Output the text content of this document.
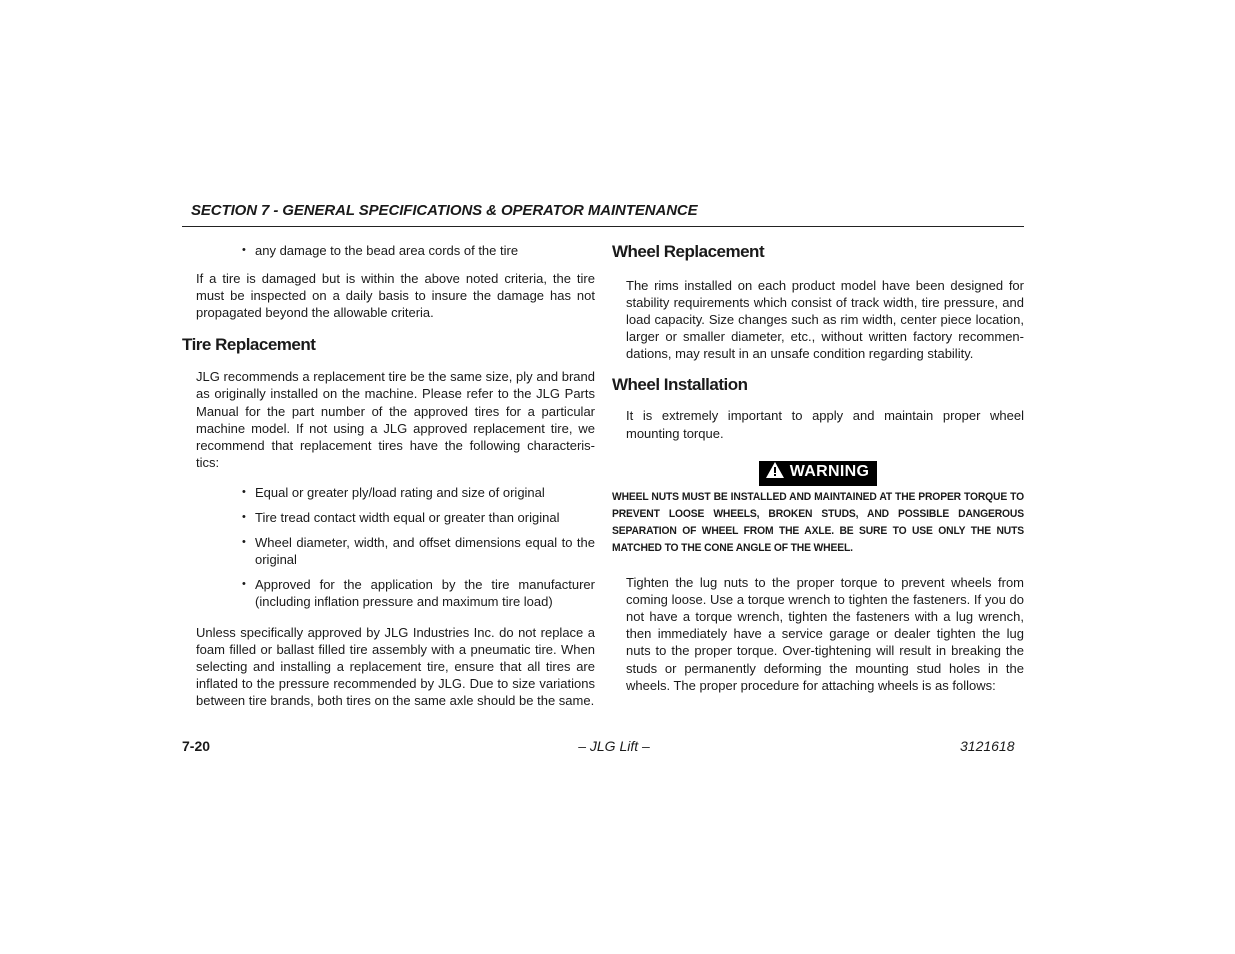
SECTION 7 - GENERAL SPECIFICATIONS & OPERATOR MAINTENANCE
• any damage to the bead area cords of the tire

If a tire is damaged but is within the above noted criteria, the tire must be inspected on a daily basis to insure the damage has not propagated beyond the allowable criteria.

Tire Replacement

JLG recommends a replacement tire be the same size, ply and brand as originally installed on the machine. Please refer to the JLG Parts Manual for the part number of the approved tires for a particular machine model. If not using a JLG approved replacement tire, we recommend that replacement tires have the following characteris-tics:

• Equal or greater ply/load rating and size of original
• Tire tread contact width equal or greater than original
• Wheel diameter, width, and offset dimensions equal to the original
• Approved for the application by the tire manufacturer (including inflation pressure and maximum tire load)

Unless specifically approved by JLG Industries Inc. do not replace a foam filled or ballast filled tire assembly with a pneumatic tire. When selecting and installing a replacement tire, ensure that all tires are inflated to the pressure recommended by JLG. Due to size variations between tire brands, both tires on the same axle should be the same.

Wheel Replacement

The rims installed on each product model have been designed for stability requirements which consist of track width, tire pressure, and load capacity. Size changes such as rim width, center piece location, larger or smaller diameter, etc., without written factory recommen-dations, may result in an unsafe condition regarding stability.

Wheel Installation

It is extremely important to apply and maintain proper wheel mounting torque.

WARNING

WHEEL NUTS MUST BE INSTALLED AND MAINTAINED AT THE PROPER TORQUE TO PREVENT LOOSE WHEELS, BROKEN STUDS, AND POSSIBLE DANGEROUS SEPARATION OF WHEEL FROM THE AXLE. BE SURE TO USE ONLY THE NUTS MATCHED TO THE CONE ANGLE OF THE WHEEL.

Tighten the lug nuts to the proper torque to prevent wheels from coming loose. Use a torque wrench to tighten the fasteners. If you do not have a torque wrench, tighten the fasteners with a lug wrench, then immediately have a service garage or dealer tighten the lug nuts to the proper torque. Over-tightening will result in breaking the studs or permanently deforming the mounting stud holes in the wheels. The proper procedure for attaching wheels is as follows:

7-20	– JLG Lift –	3121618
